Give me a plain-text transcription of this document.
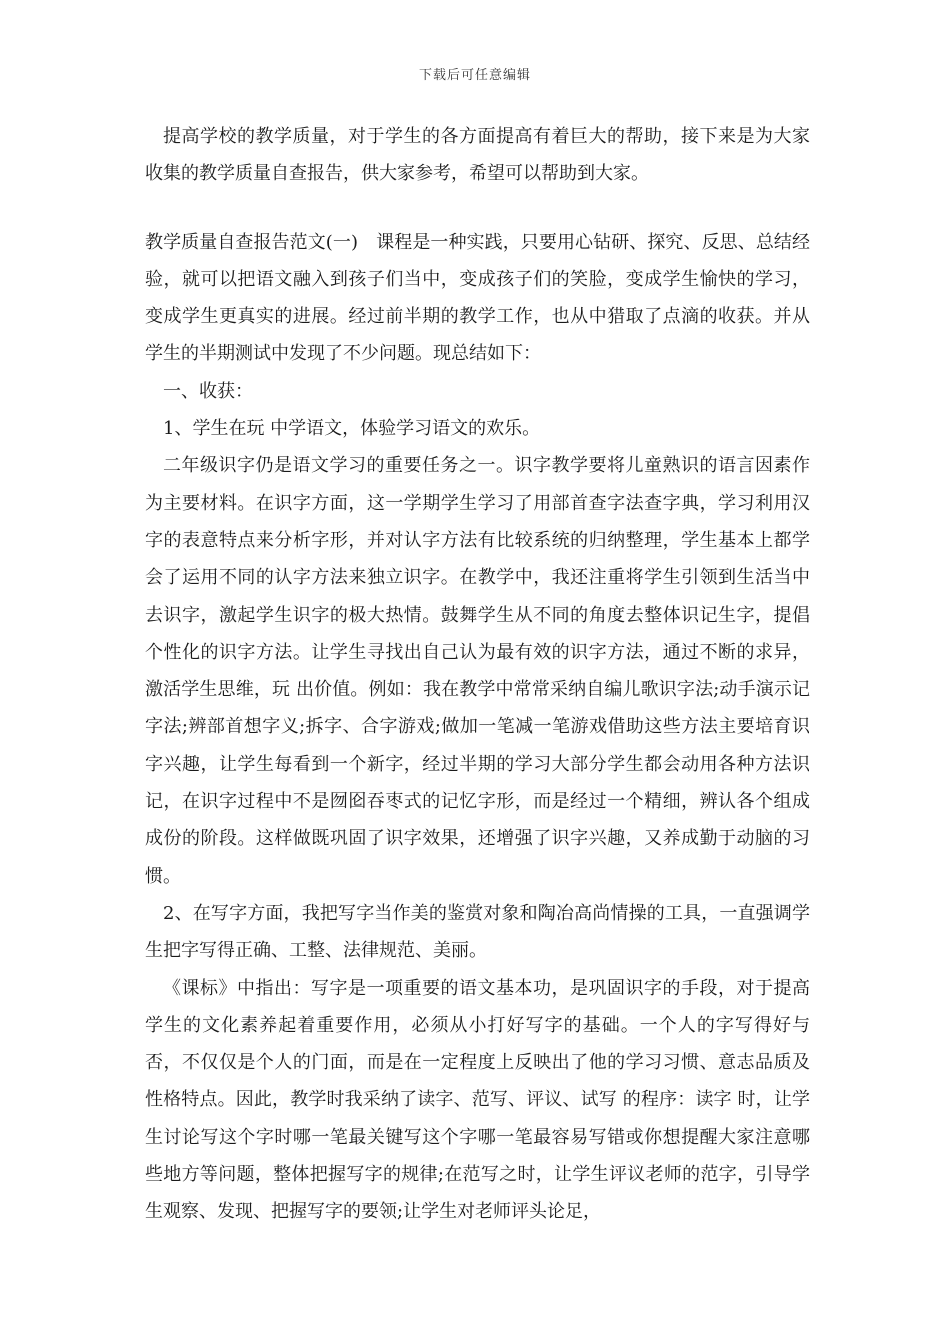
下载后可任意编辑

提高学校的教学质量，对于学生的各方面提高有着巨大的帮助，接下来是为大家收集的教学质量自查报告，供大家参考，希望可以帮助到大家。

教学质量自查报告范文(一)　课程是一种实践，只要用心钻研、探究、反思、总结经验，就可以把语文融入到孩子们当中，变成孩子们的笑脸，变成学生愉快的学习，变成学生更真实的进展。经过前半期的教学工作，也从中猎取了点滴的收获。并从学生的半期测试中发现了不少问题。现总结如下：

一、收获：

1、学生在玩 中学语文，体验学习语文的欢乐。

二年级识字仍是语文学习的重要任务之一。识字教学要将儿童熟识的语言因素作为主要材料。在识字方面，这一学期学生学习了用部首查字法查字典，学习利用汉字的表意特点来分析字形，并对认字方法有比较系统的归纳整理，学生基本上都学会了运用不同的认字方法来独立识字。在教学中，我还注重将学生引领到生活当中去识字，激起学生识字的极大热情。鼓舞学生从不同的角度去整体识记生字，提倡个性化的识字方法。让学生寻找出自己认为最有效的识字方法，通过不断的求异，激活学生思维，玩 出价值。例如：我在教学中常常采纳自编儿歌识字法;动手演示记字法;辨部首想字义;拆字、合字游戏;做加一笔减一笔游戏借助这些方法主要培育识字兴趣，让学生每看到一个新字，经过半期的学习大部分学生都会动用各种方法识记，在识字过程中不是囫囵吞枣式的记忆字形，而是经过一个精细，辨认各个组成成份的阶段。这样做既巩固了识字效果，还增强了识字兴趣，又养成勤于动脑的习惯。

2、在写字方面，我把写字当作美的鉴赏对象和陶冶高尚情操的工具，一直强调学生把字写得正确、工整、法律规范、美丽。

《课标》中指出：写字是一项重要的语文基本功，是巩固识字的手段，对于提高学生的文化素养起着重要作用，必须从小打好写字的基础。一个人的字写得好与否，不仅仅是个人的门面，而是在一定程度上反映出了他的学习习惯、意志品质及性格特点。因此，教学时我采纳了读字、范写、评议、试写 的程序：读字 时，让学生讨论写这个字时哪一笔最关键写这个字哪一笔最容易写错或你想提醒大家注意哪些地方等问题，整体把握写字的规律;在范写之时，让学生评议老师的范字，引导学生观察、发现、把握写字的要领;让学生对老师评头论足，
